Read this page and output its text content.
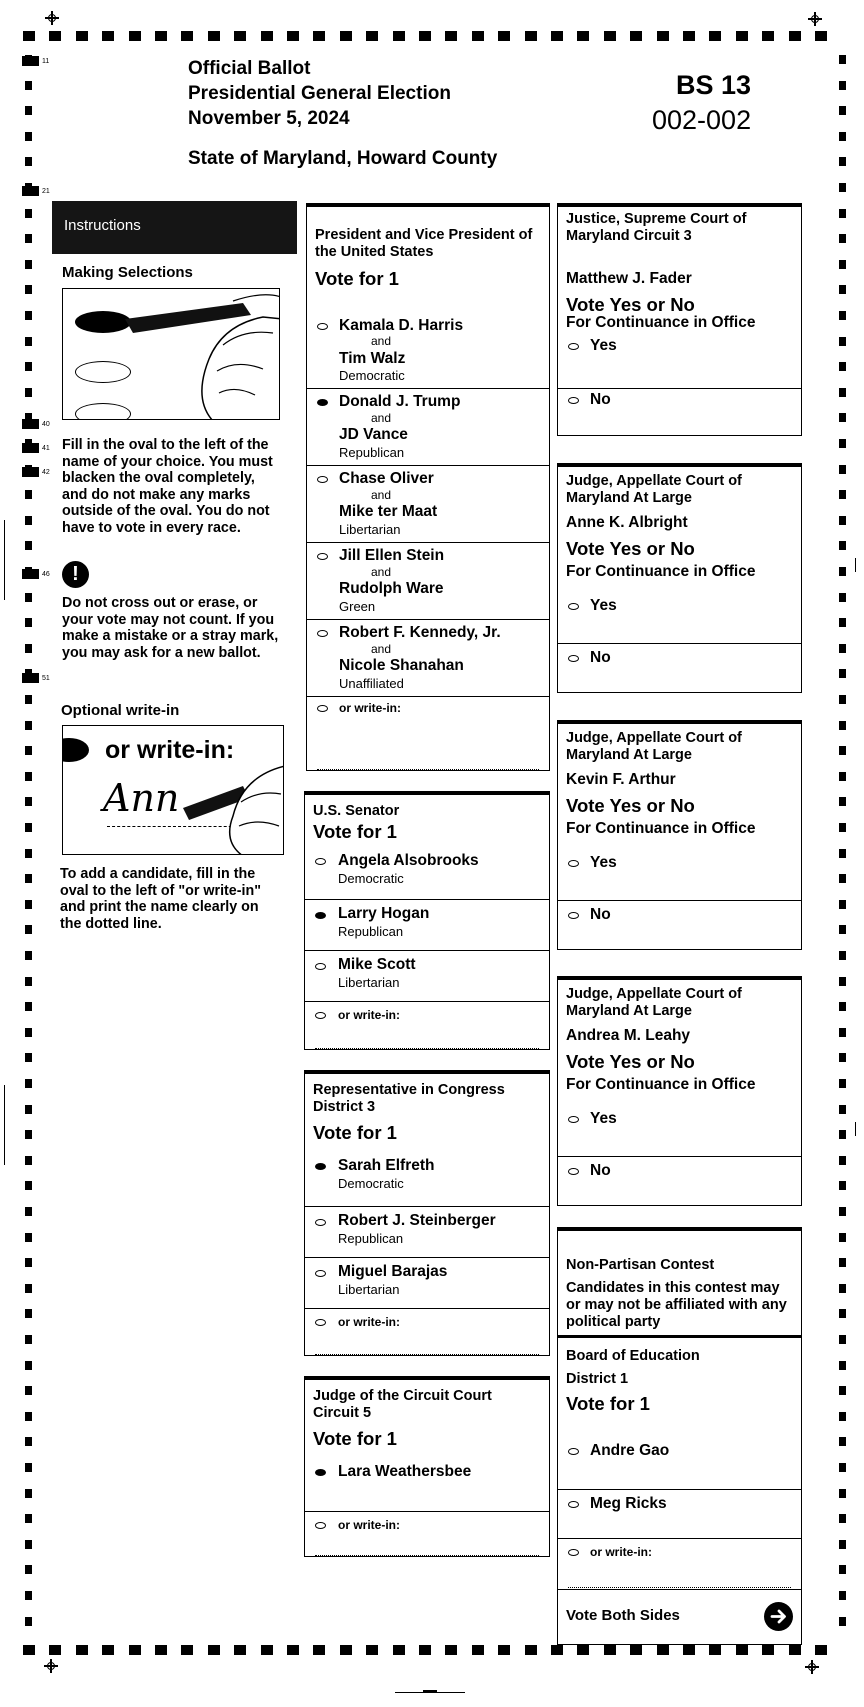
11
21
40
41
42
46
51
Official Ballot
Presidential General Election
November 5, 2024
State of Maryland, Howard County
BS 13
002-002
Instructions
Making Selections
Fill in the oval to the left of the name of your choice. You must blacken the oval completely, and do not make any marks outside of the oval. You do not have to vote in every race.
!
Do not cross out or erase, or your vote may not count. If you make a mistake or a stray mark, you may ask for a new ballot.
Optional write-in
or write-in:
Ann
To add a candidate, fill in the oval to the left of "or write-in" and print the name clearly on the dotted line.
President and Vice President of the United States
Vote for 1
Kamala D. Harris
and
Tim Walz
Democratic
Donald J. Trump
and
JD Vance
Republican
Chase Oliver
and
Mike ter Maat
Libertarian
Jill Ellen Stein
and
Rudolph Ware
Green
Robert F. Kennedy, Jr.
and
Nicole Shanahan
Unaffiliated
or write-in:
U.S. Senator
Vote for 1
Angela Alsobrooks
Democratic
Larry Hogan
Republican
Mike Scott
Libertarian
or write-in:
Representative in Congress District 3
Vote for 1
Sarah Elfreth
Democratic
Robert J. Steinberger
Republican
Miguel Barajas
Libertarian
or write-in:
Judge of the Circuit Court Circuit 5
Vote for 1
Lara Weathersbee
or write-in:
Justice, Supreme Court of Maryland Circuit 3
Matthew J. Fader
Vote Yes or No
For Continuance in Office
Yes
No
Judge, Appellate Court of Maryland At Large
Anne K. Albright
Vote Yes or No
For Continuance in Office
Yes
No
Judge, Appellate Court of Maryland At Large
Kevin F. Arthur
Vote Yes or No
For Continuance in Office
Yes
No
Judge, Appellate Court of Maryland At Large
Andrea M. Leahy
Vote Yes or No
For Continuance in Office
Yes
No
Non-Partisan Contest
Candidates in this contest may or may not be affiliated with any political party
Board of Education
District 1
Vote for 1
Andre Gao
Meg Ricks
or write-in:
Vote Both Sides
